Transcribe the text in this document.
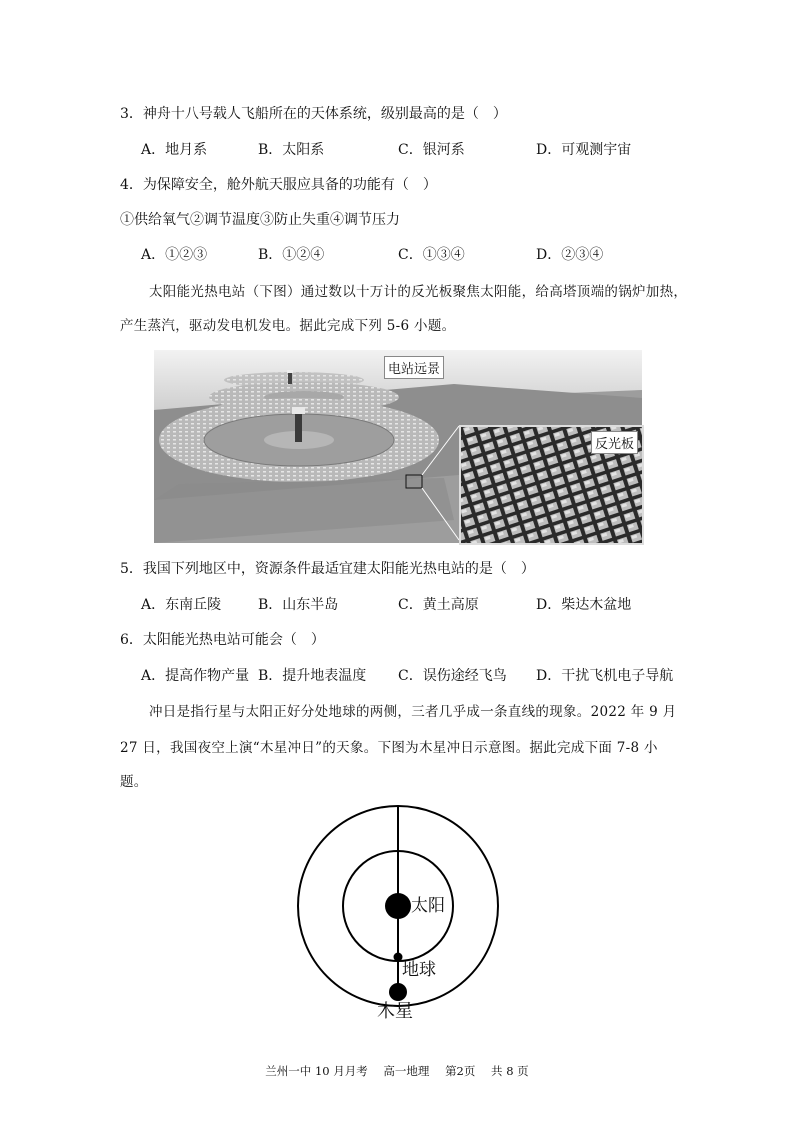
3．神舟十八号载人飞船所在的天体系统，级别最高的是（　）
A．地月系	B．太阳系	C．银河系	D．可观测宇宙
4．为保障安全，舱外航天服应具备的功能有（　）
①供给氧气②调节温度③防止失重④调节压力
A．①②③	B．①②④	C．①③④	D．②③④
太阳能光热电站（下图）通过数以十万计的反光板聚焦太阳能，给高塔顶端的锅炉加热，
产生蒸汽，驱动发电机发电。据此完成下列 5-6 小题。
电站远景
反光板
5．我国下列地区中，资源条件最适宜建太阳能光热电站的是（　）
A．东南丘陵	B．山东半岛	C．黄土高原	D．柴达木盆地
6．太阳能光热电站可能会（　）
A．提高作物产量 B．提升地表温度 C．误伤途经飞鸟 D．干扰飞机电子导航
冲日是指行星与太阳正好分处地球的两侧，三者几乎成一条直线的现象。2022 年 9 月
27 日，我国夜空上演“木星冲日”的天象。下图为木星冲日示意图。据此完成下面 7-8 小
题。
太阳
地球
木星
兰州一中 10 月月考 高一地理 第2页 共 8 页
